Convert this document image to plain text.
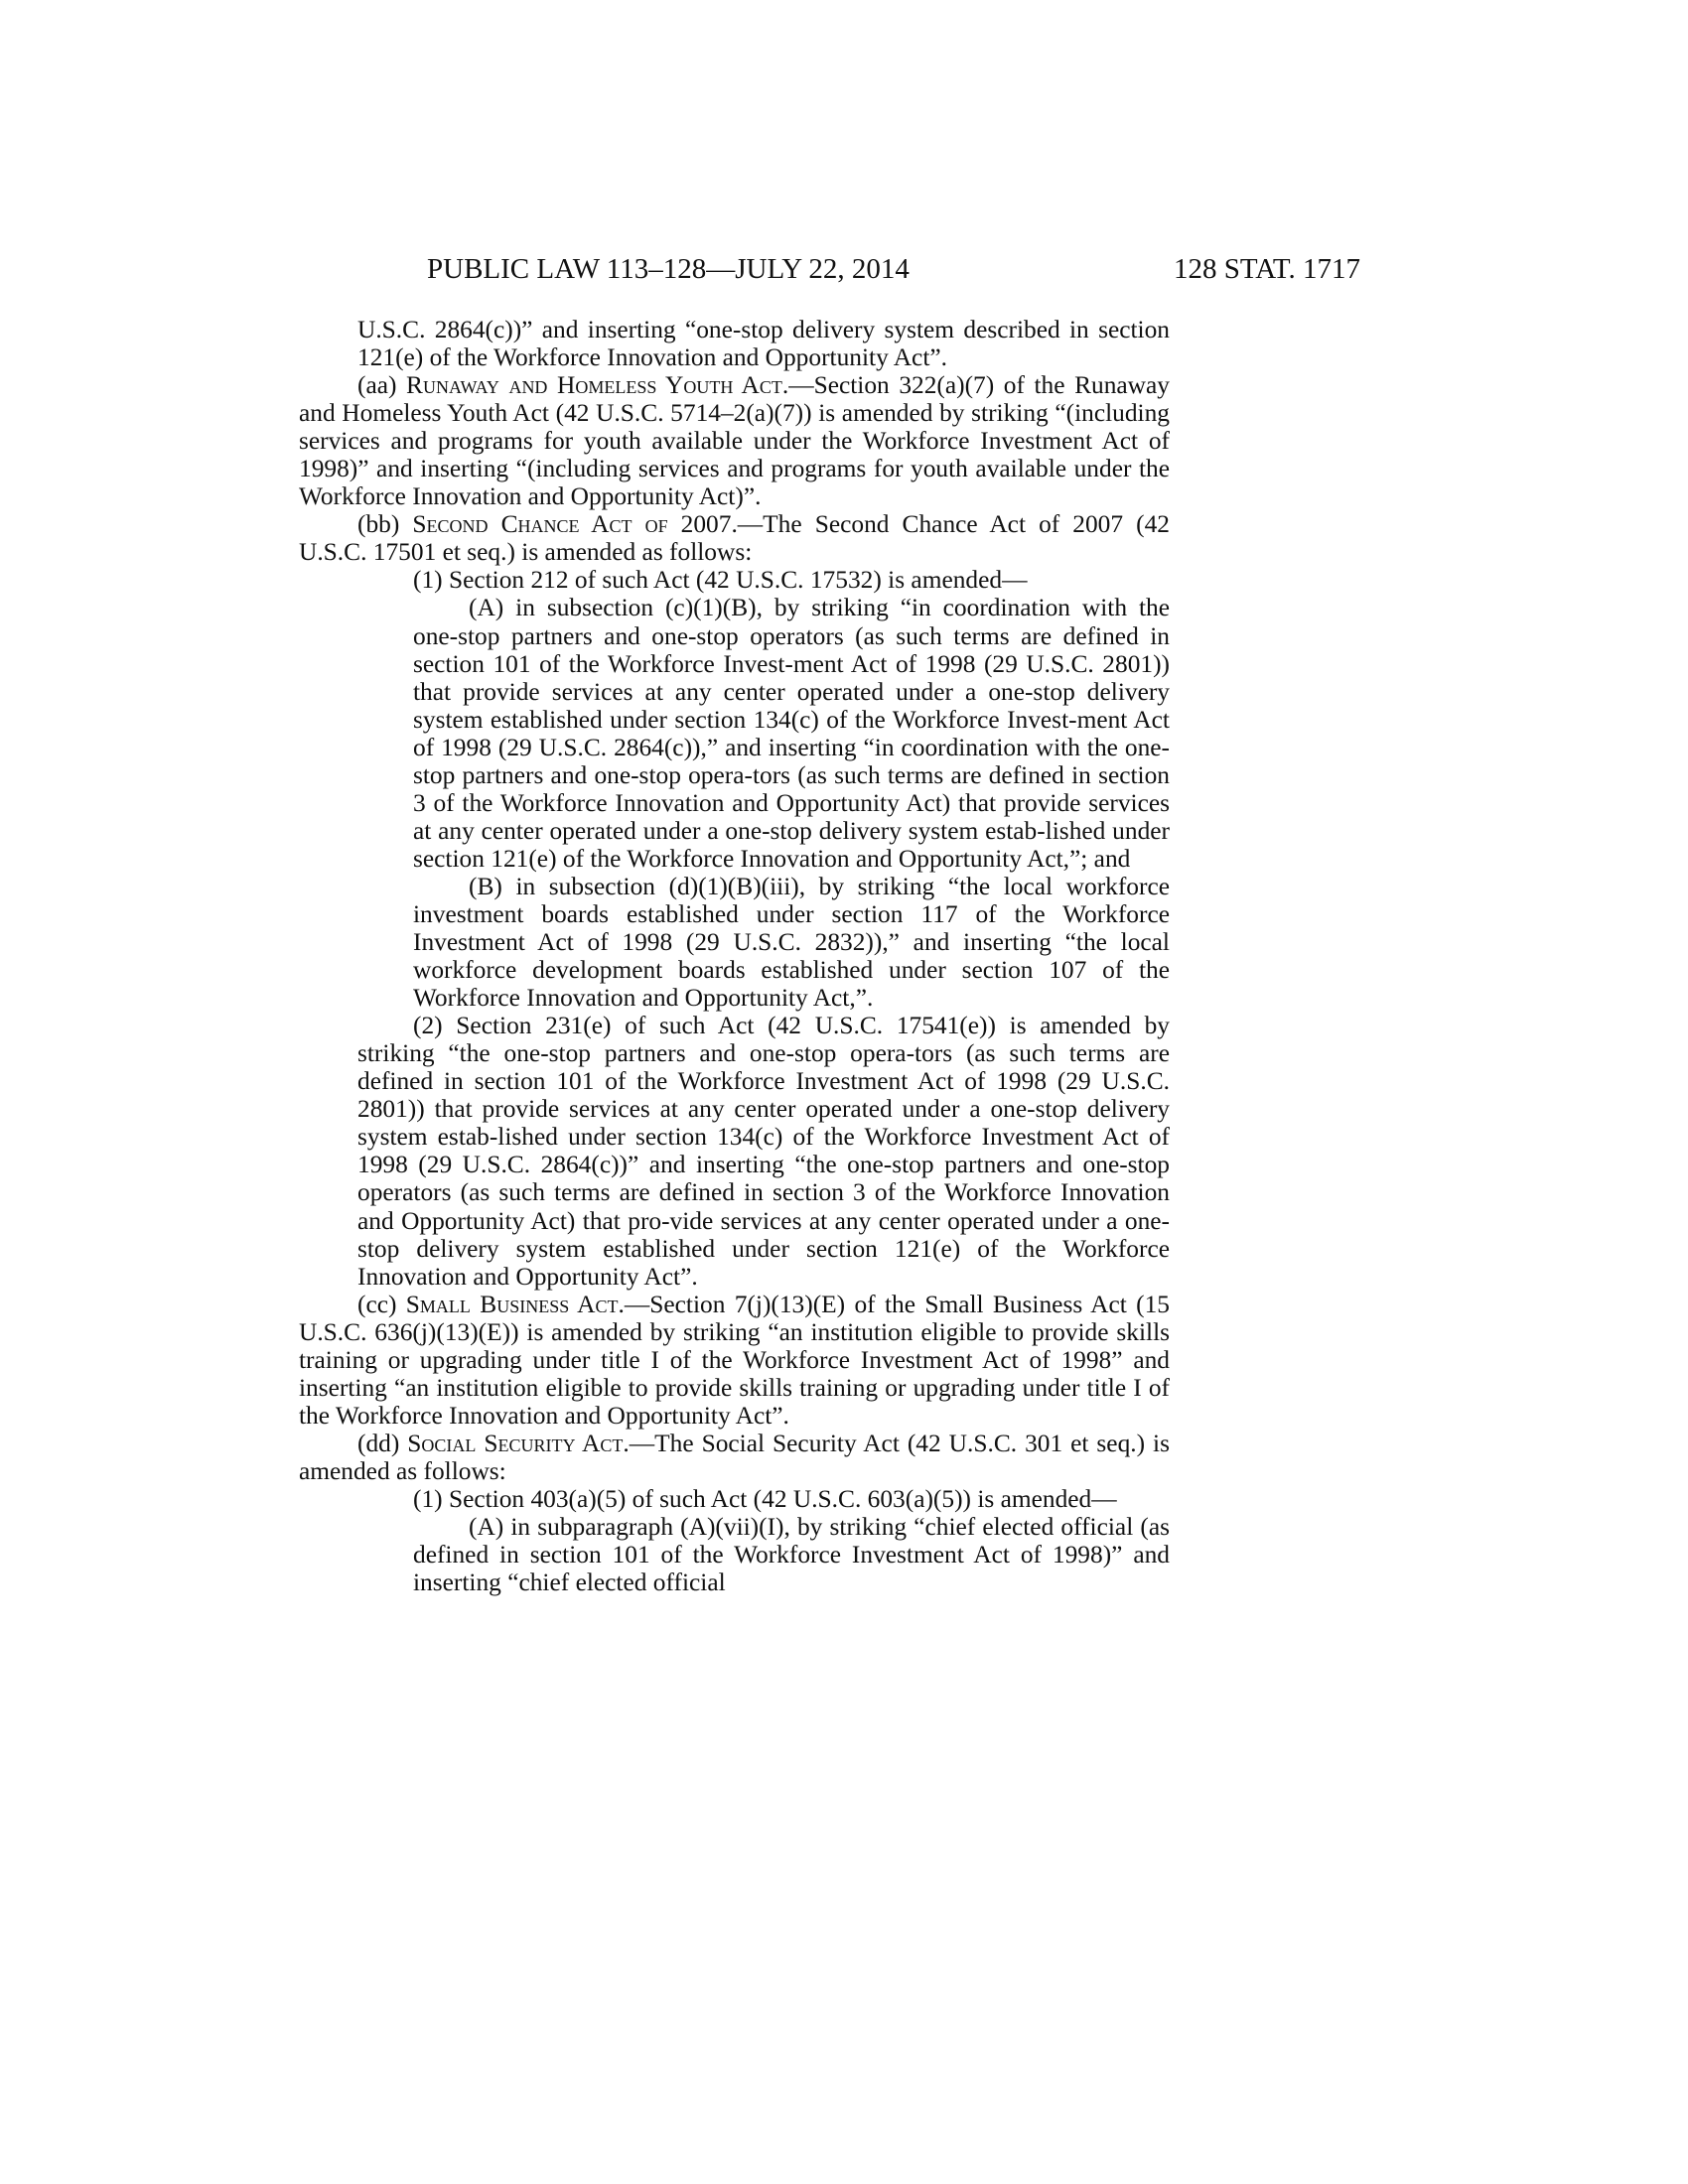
PUBLIC LAW 113–128—JULY 22, 2014	128 STAT. 1717

U.S.C. 2864(c))” and inserting “one-stop delivery system described in section 121(e) of the Workforce Innovation and Opportunity Act”.

(aa) Runaway and Homeless Youth Act.—Section 322(a)(7) of the Runaway and Homeless Youth Act (42 U.S.C. 5714–2(a)(7)) is amended by striking “(including services and programs for youth available under the Workforce Investment Act of 1998)” and inserting “(including services and programs for youth available under the Workforce Innovation and Opportunity Act)”.

(bb) Second Chance Act of 2007.—The Second Chance Act of 2007 (42 U.S.C. 17501 et seq.) is amended as follows:

(1) Section 212 of such Act (42 U.S.C. 17532) is amended—

(A) in subsection (c)(1)(B), by striking “in coordination with the one-stop partners and one-stop operators (as such terms are defined in section 101 of the Workforce Invest-ment Act of 1998 (29 U.S.C. 2801)) that provide services at any center operated under a one-stop delivery system established under section 134(c) of the Workforce Invest-ment Act of 1998 (29 U.S.C. 2864(c)),” and inserting “in coordination with the one-stop partners and one-stop opera-tors (as such terms are defined in section 3 of the Workforce Innovation and Opportunity Act) that provide services at any center operated under a one-stop delivery system estab-lished under section 121(e) of the Workforce Innovation and Opportunity Act,”; and

(B) in subsection (d)(1)(B)(iii), by striking “the local workforce investment boards established under section 117 of the Workforce Investment Act of 1998 (29 U.S.C. 2832)),” and inserting “the local workforce development boards established under section 107 of the Workforce Innovation and Opportunity Act,”.

(2) Section 231(e) of such Act (42 U.S.C. 17541(e)) is amended by striking “the one-stop partners and one-stop opera-tors (as such terms are defined in section 101 of the Workforce Investment Act of 1998 (29 U.S.C. 2801)) that provide services at any center operated under a one-stop delivery system estab-lished under section 134(c) of the Workforce Investment Act of 1998 (29 U.S.C. 2864(c))” and inserting “the one-stop partners and one-stop operators (as such terms are defined in section 3 of the Workforce Innovation and Opportunity Act) that pro-vide services at any center operated under a one-stop delivery system established under section 121(e) of the Workforce Innovation and Opportunity Act”.

(cc) Small Business Act.—Section 7(j)(13)(E) of the Small Business Act (15 U.S.C. 636(j)(13)(E)) is amended by striking “an institution eligible to provide skills training or upgrading under title I of the Workforce Investment Act of 1998” and inserting “an institution eligible to provide skills training or upgrading under title I of the Workforce Innovation and Opportunity Act”.

(dd) Social Security Act.—The Social Security Act (42 U.S.C. 301 et seq.) is amended as follows:

(1) Section 403(a)(5) of such Act (42 U.S.C. 603(a)(5)) is amended—

(A) in subparagraph (A)(vii)(I), by striking “chief elected official (as defined in section 101 of the Workforce Investment Act of 1998)” and inserting “chief elected official
